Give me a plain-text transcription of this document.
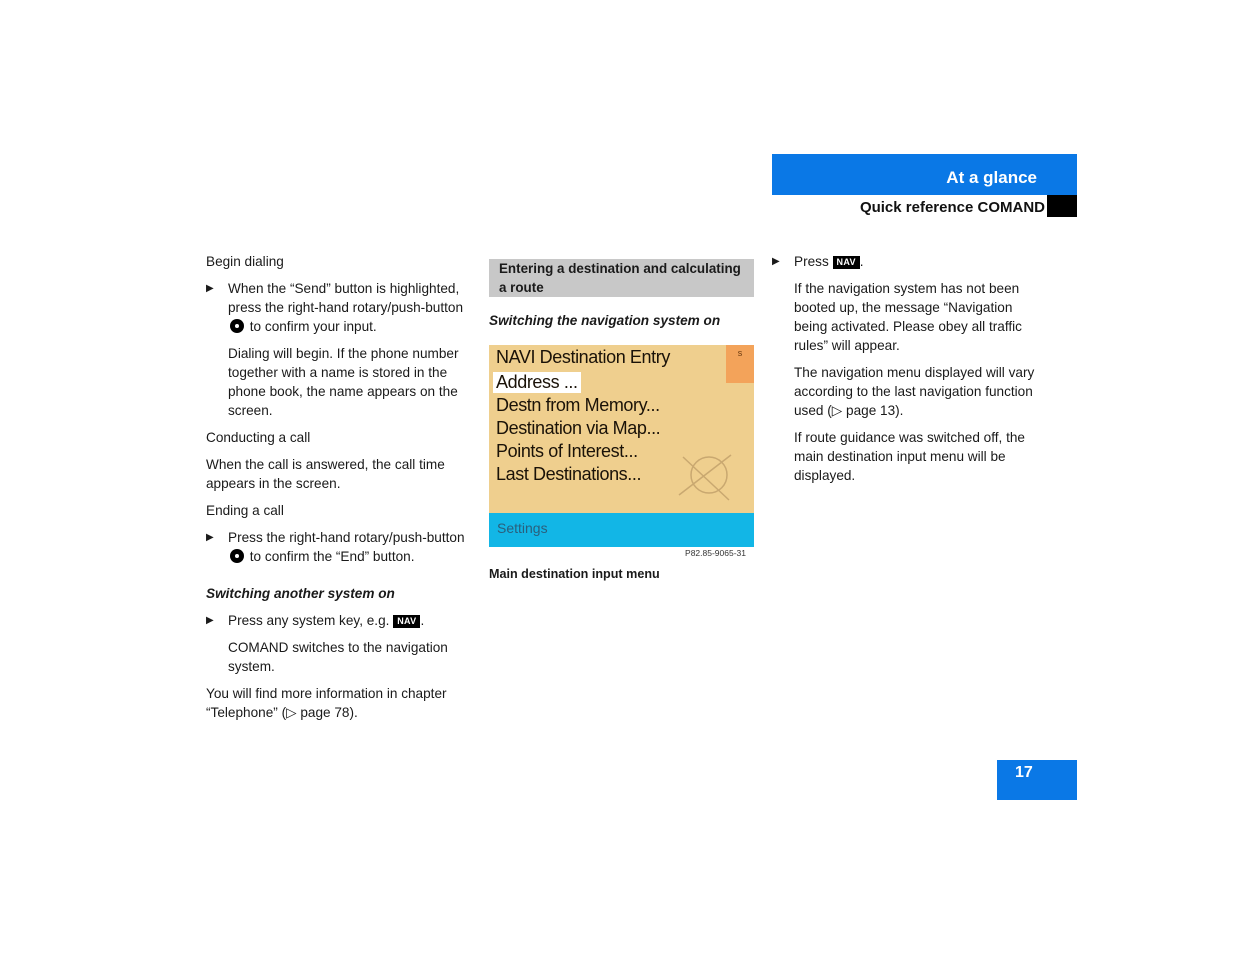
At a glance
Quick reference COMAND

Begin dialing

▶ When the “Send” button is highlighted, press the right-hand rotary/push-button  to confirm your input.

Dialing will begin. If the phone number together with a name is stored in the phone book, the name appears on the screen.

Conducting a call

When the call is answered, the call time appears in the screen.

Ending a call

▶ Press the right-hand rotary/push-button  to confirm the “End” button.

Switching another system on

▶ Press any system key, e.g. NAV .

COMAND switches to the navigation system.

You will find more information in chapter “Telephone” (▷ page 78).

Entering a destination and calculating a route
Switching the navigation system on
NAVI Destination Entry	s
Address ...
Destn from Memory...
Destination via Map...
Points of Interest...
Last Destinations...
Settings
P82.85-9065-31
Main destination input menu

▶ Press NAV .

If the navigation system has not been booted up, the message “Navigation being activated. Please obey all traffic rules” will appear.

The navigation menu displayed will vary according to the last navigation function used (▷ page 13).

If route guidance was switched off, the main destination input menu will be displayed.

17
